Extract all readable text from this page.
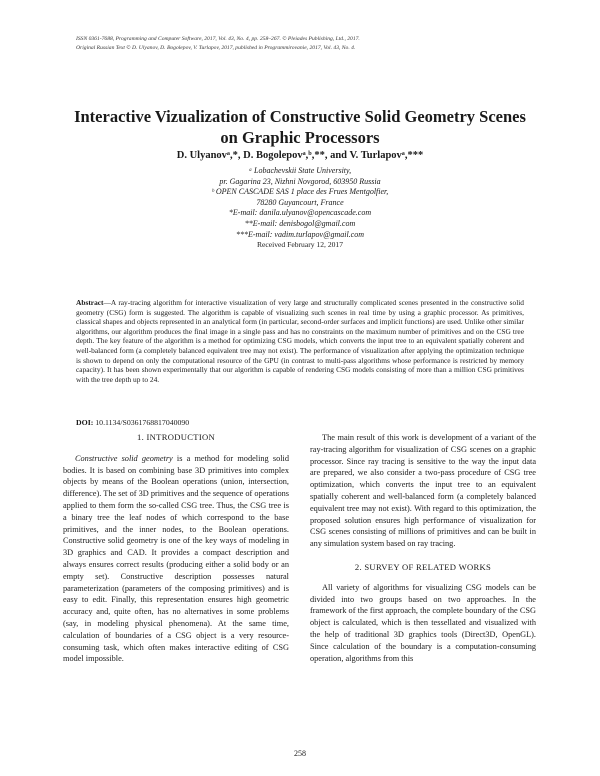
ISSN 0361-7688, Programming and Computer Software, 2017, Vol. 43, No. 4, pp. 258–267. © Pleiades Publishing, Ltd., 2017.
Original Russian Text © D. Ulyanov, D. Bogolepov, V. Turlapov, 2017, published in Programmirovanie, 2017, Vol. 43, No. 4.
Interactive Vizualization of Constructive Solid Geometry Scenes
on Graphic Processors
D. Ulyanovᵃ,*, D. Bogolepovᵃ,ᵇ,**, and V. Turlapovᵃ,***
ᵃ Lobachevskii State University,
pr. Gagarina 23, Nizhni Novgorod, 603950 Russia
ᵇ OPEN CASCADE SAS 1 place des Frues Mentgolfier,
78280 Guyancourt, France
*E-mail: danila.ulyanov@opencascade.com
**E-mail: denisbogol@gmail.com
***E-mail: vadim.turlapov@gmail.com
Received February 12, 2017
Abstract—A ray-tracing algorithm for interactive visualization of very large and structurally complicated scenes presented in the constructive solid geometry (CSG) form is suggested. The algorithm is capable of visualizing such scenes in real time by using a graphic processor. As primitives, classical shapes and objects represented in an analytical form (in particular, second-order surfaces and implicit functions) are used. Unlike other similar algorithms, our algorithm produces the final image in a single pass and has no constraints on the maximum number of primitives and on the CSG tree depth. The key feature of the algorithm is a method for optimizing CSG models, which converts the input tree to an equivalent spatially coherent and well-balanced form (a completely balanced equivalent tree may not exist). The performance of visualization after applying the optimization technique is shown to depend on only the computational resource of the GPU (in contrast to multi-pass algorithms whose performance is restricted by memory capacity). It has been shown experimentally that our algorithm is capable of rendering CSG models consisting of more than a million CSG primitives with the tree depth up to 24.
DOI: 10.1134/S0361768817040090

1. INTRODUCTION

Constructive solid geometry is a method for modeling solid bodies. It is based on combining base 3D primitives into complex objects by means of the Boolean operations (union, intersection, difference). The set of 3D primitives and the sequence of operations applied to them form the so-called CSG tree. Thus, the CSG tree is a binary tree the leaf nodes of which correspond to the base primitives, and the inner nodes, to the Boolean operations. Constructive solid geometry is one of the key ways of modeling in 3D graphics and CAD. It provides a compact description and always ensures correct results (producing either a solid body or an empty set). Constructive description possesses natural parameterization (parameters of the composing primitives) and is easy to edit. Finally, this representation ensures high geometric accuracy and, quite often, has no alternatives in some problems (say, in modeling physical phenomena). At the same time, calculation of boundaries of a CSG object is a very resource-consuming task, which often makes interactive editing of CSG model impossible.

The main result of this work is development of a variant of the ray-tracing algorithm for visualization of CSG scenes on a graphic processor. Since ray tracing is sensitive to the way the input data are prepared, we also consider a two-pass procedure of CSG tree optimization, which converts the input tree to an equivalent spatially coherent and well-balanced form (a completely balanced equivalent tree may not exist). With regard to this optimization, the proposed solution ensures high performance of visualization for CSG scenes consisting of millions of primitives and can be built in any simulation system based on ray tracing.

2. SURVEY OF RELATED WORKS

All variety of algorithms for visualizing CSG models can be divided into two groups based on two approaches. In the framework of the first approach, the complete boundary of the CSG object is calculated, which is then tessellated and visualized with the help of traditional 3D graphics tools (Direct3D, OpenGL). Since calculation of the boundary is a computation-consuming operation, algorithms from this

258
